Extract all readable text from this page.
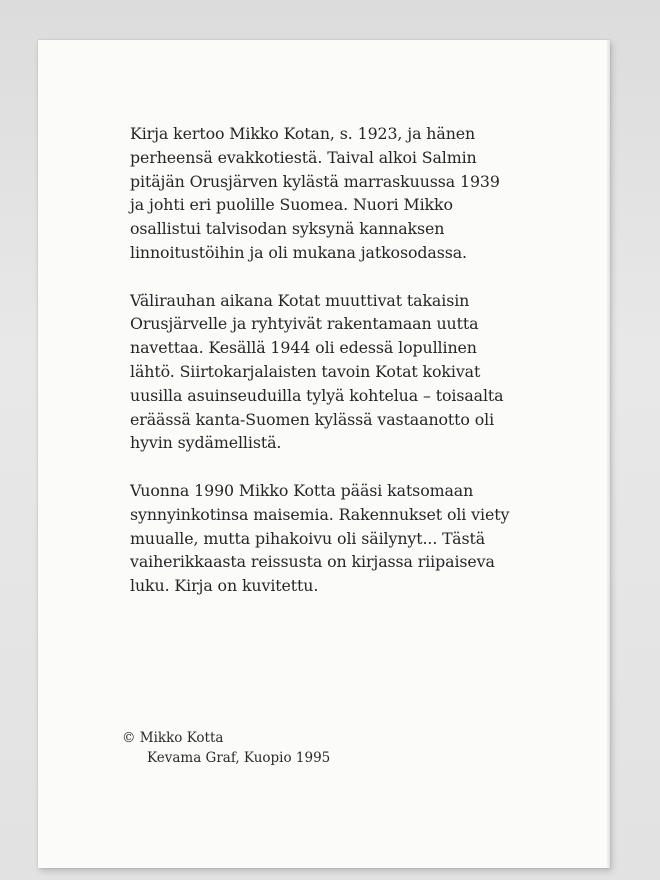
Kirja kertoo Mikko Kotan, s. 1923, ja hänen
perheensä evakkotiestä. Taival alkoi Salmin
pitäjän Orusjärven kylästä marraskuussa 1939
ja johti eri puolille Suomea. Nuori Mikko
osallistui talvisodan syksynä kannaksen
linnoitustöihin ja oli mukana jatkosodassa.

Välirauhan aikana Kotat muuttivat takaisin
Orusjärvelle ja ryhtyivät rakentamaan uutta
navettaa. Kesällä 1944 oli edessä lopullinen
lähtö. Siirtokarjalaisten tavoin Kotat kokivat
uusilla asuinseuduilla tylyä kohtelua – toisaalta
eräässä kanta-Suomen kylässä vastaanotto oli
hyvin sydämellistä.

Vuonna 1990 Mikko Kotta pääsi katsomaan
synnyinkotinsa maisemia. Rakennukset oli viety
muualle, mutta pihakoivu oli säilynyt... Tästä
vaiherikkaasta reissusta on kirjassa riipaiseva
luku. Kirja on kuvitettu.

© Mikko Kotta
Kevama Graf, Kuopio 1995
